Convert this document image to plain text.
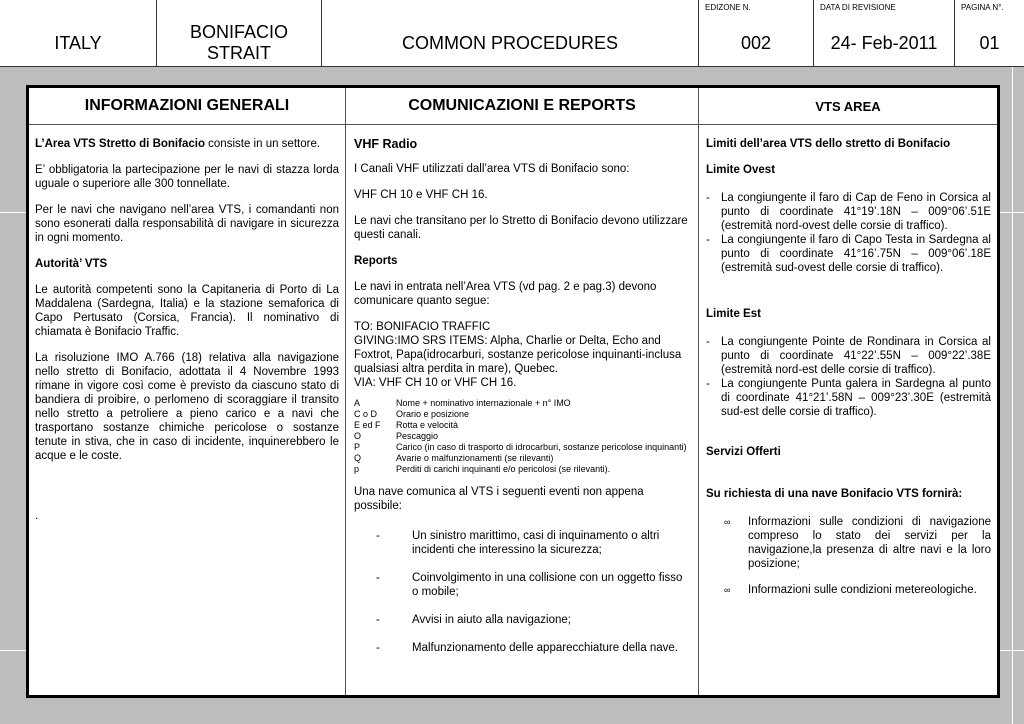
ITALY
BONIFACIO
STRAIT	COMMON PROCEDURES
EDIZONE N.
002
DATA DI REVISIONE
24- Feb-2011
PAGINA N°.
01
INFORMAZIONI GENERALI

L’Area VTS Stretto di Bonifacio consiste in un settore.

E’ obbligatoria la partecipazione per le navi di stazza lorda uguale o superiore alle 300 tonnellate.

Per le navi che navigano nell’area VTS, i comandanti non sono esonerati dalla responsabilità di navigare in sicurezza in ogni momento.

Autorità’ VTS

Le autorità competenti sono la Capitaneria di Porto di La Maddalena (Sardegna, Italia) e la stazione semaforica di Capo Pertusato (Corsica, Francia). Il nominativo di chiamata è Bonifacio Traffic.

La risoluzione IMO A.766 (18) relativa alla navigazione nello stretto di Bonifacio, adottata il 4 Novembre 1993 rimane in vigore così come è previsto da ciascuno stato di bandiera di proibire, o perlomeno di scoraggiare il transito nello stretto a petroliere a pieno carico e a navi che trasportano sostanze chimiche pericolose o sostanze tenute in stiva, che in caso di incidente, inquinerebbero le acque e le coste.

.

COMUNICAZIONI E REPORTS

VHF Radio

I Canali VHF utilizzati dall’area VTS di Bonifacio sono:

VHF CH 10 e VHF CH 16.

Le navi che transitano per lo Stretto di Bonifacio devono utilizzare questi canali.

Reports

Le navi in entrata nell’Area VTS (vd pag. 2 e pag.3) devono comunicare quanto segue:

TO: BONIFACIO TRAFFIC
GIVING:IMO SRS ITEMS: Alpha, Charlie or Delta, Echo and Foxtrot, Papa(idrocarburi, sostanze pericolose inquinanti-inclusa qualsiasi altra perdita in mare), Quebec.
VIA: VHF CH 10 or VHF CH 16.
A	Nome + nominativo internazionale + n° IMO
C o D	Orario e posizione
E ed F	Rotta e velocità
O	Pescaggio
P	Carico (in caso di trasporto di idrocarburi, sostanze pericolose inquinanti)
Q	Avarie o malfunzionamenti (se rilevanti)
p	Perditi di carichi inquinanti e/o pericolosi (se rilevanti).

Una nave comunica al VTS i seguenti eventi non appena possibile:

-	Un sinistro marittimo, casi di inquinamento o altri incidenti che interessino la sicurezza;
-	Coinvolgimento in una collisione con un oggetto fisso o mobile;
-	Avvisi in aiuto alla navigazione;
-	Malfunzionamento delle apparecchiature della nave.
VTS AREA

Limiti dell’area VTS dello stretto di Bonifacio

Limite Ovest

- La congiungente il faro di Cap de Feno in Corsica al punto di coordinate 41°19’.18N – 009°06’.51E (estremità nord-ovest delle corsie di traffico).
- La congiungente il faro di Capo Testa in Sardegna al punto di coordinate 41°16’.75N – 009°06’.18E (estremità sud-ovest delle corsie di traffico).

Limite Est

- La congiungente Pointe de Rondinara in Corsica al punto di coordinate 41°22’.55N – 009°22’.38E (estremità nord-est delle corsie di traffico).
- La congiungente Punta galera in Sardegna al punto di coordinate 41°21’.58N – 009°23’.30E (estremità sud-est delle corsie di traffico).

Servizi Offerti

Su richiesta di una nave Bonifacio VTS fornirà:

∞	Informazioni sulle condizioni di navigazione compreso lo stato dei servizi per la navigazione,la presenza di altre navi e la loro posizione;
∞	Informazioni sulle condizioni metereologiche.
